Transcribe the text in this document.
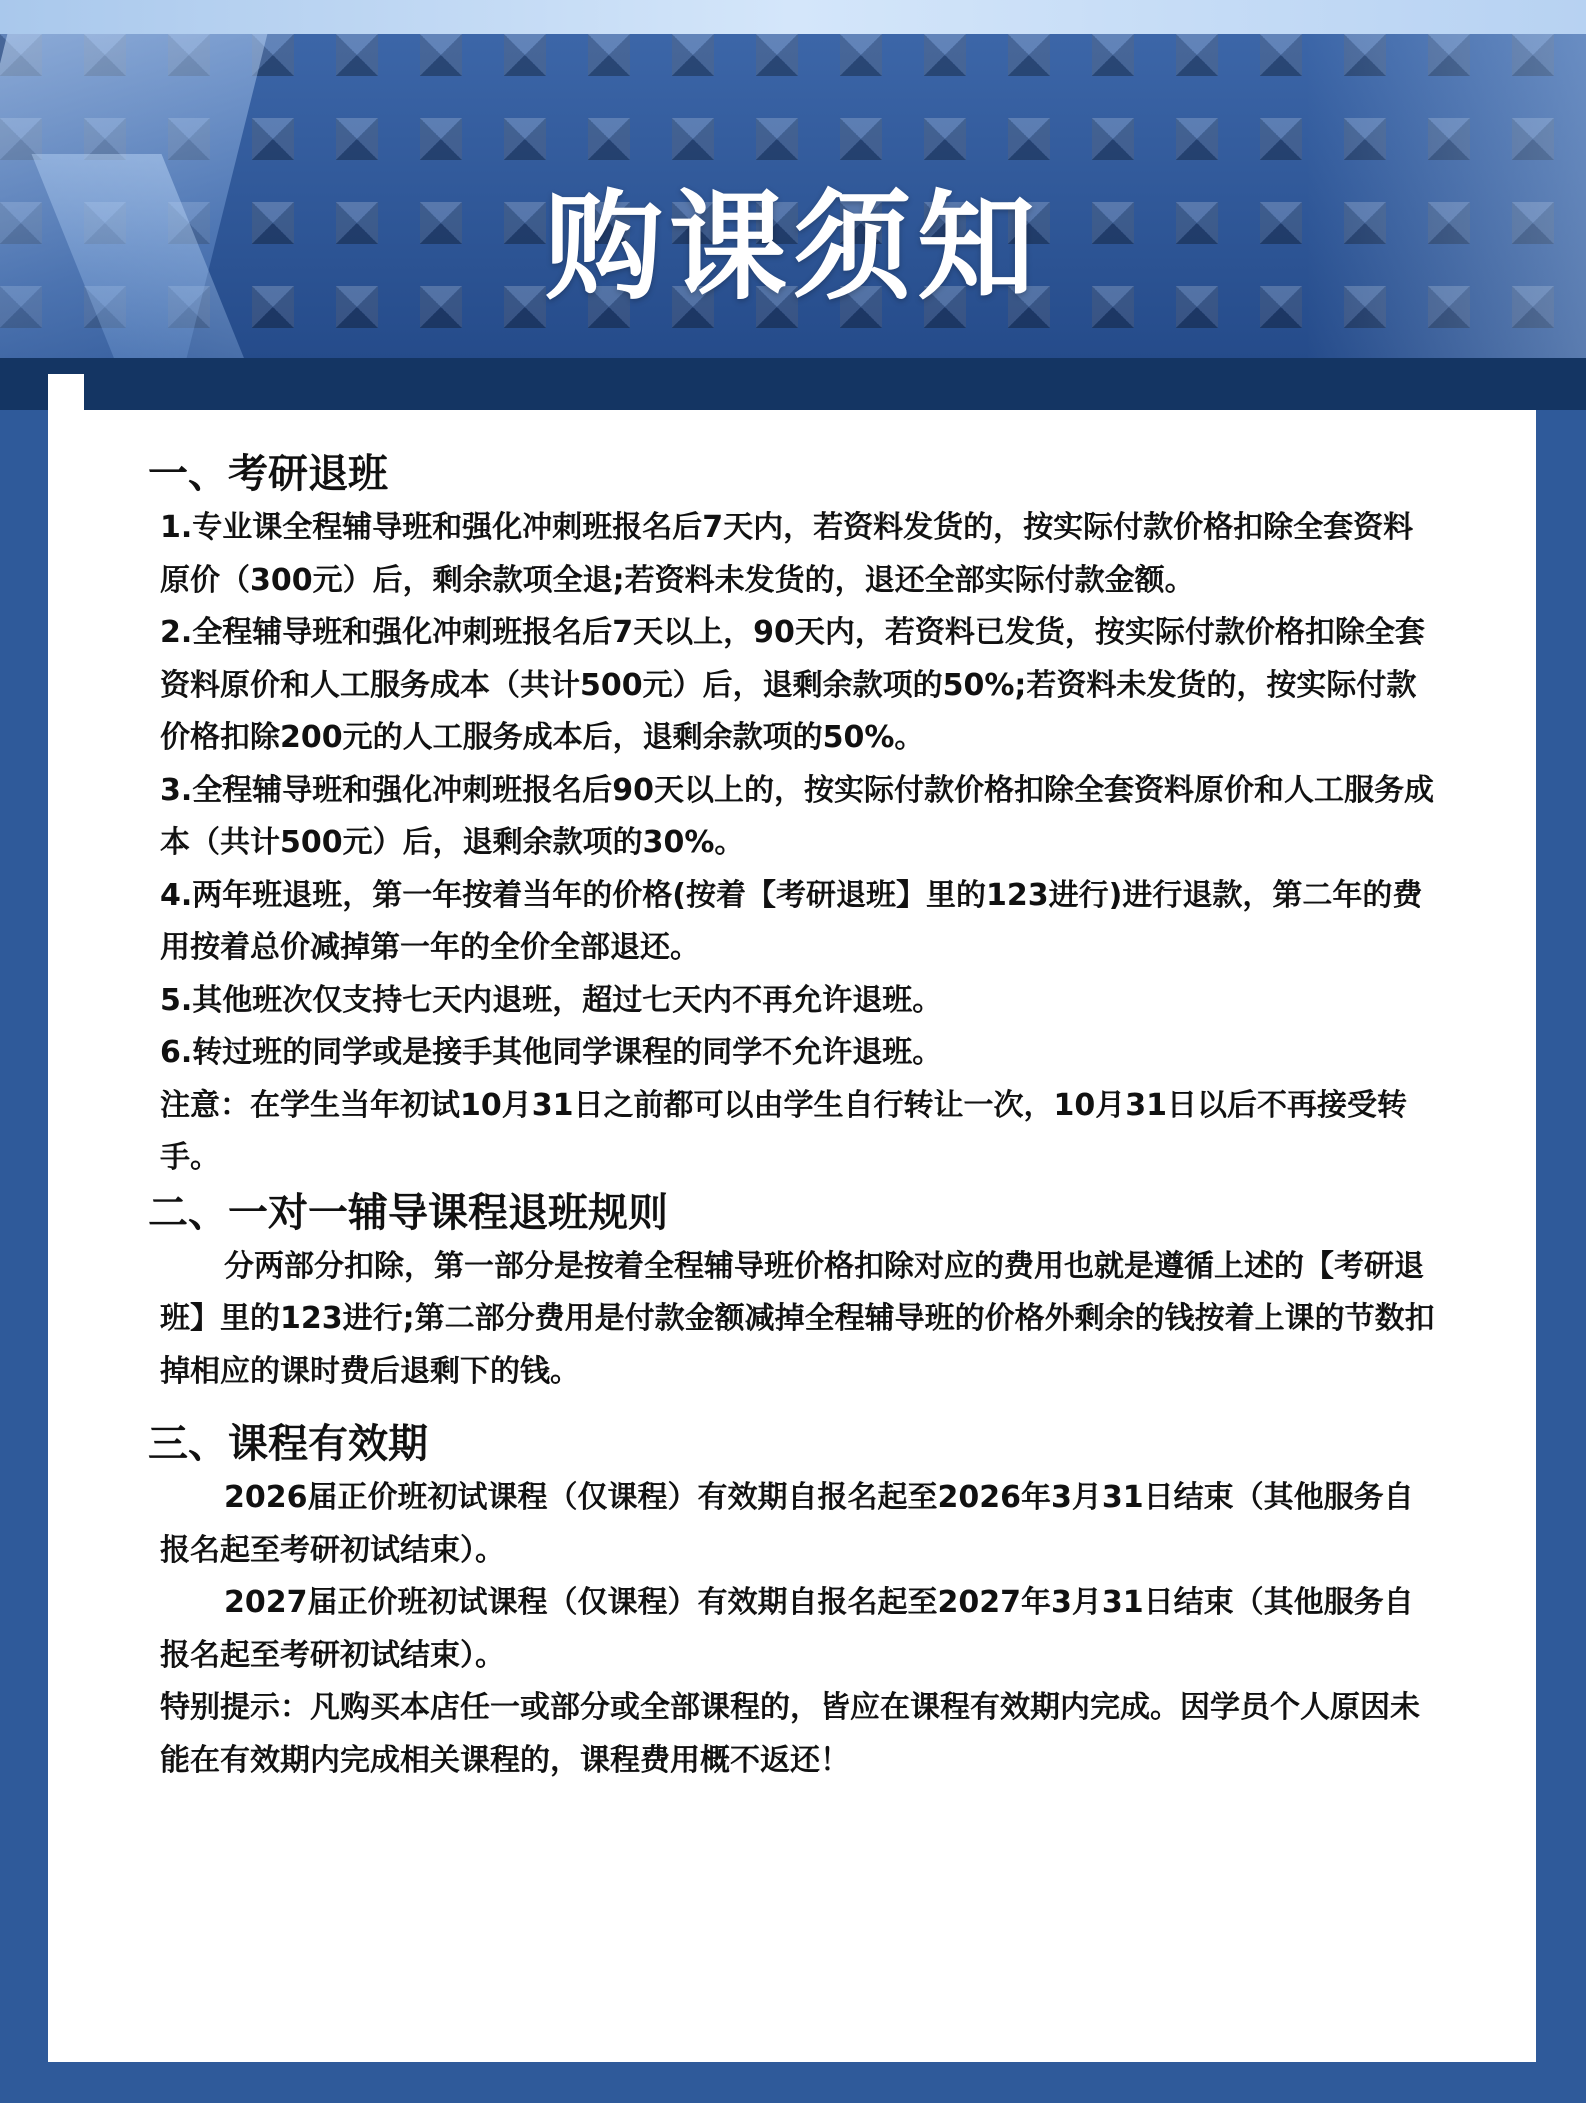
购课须知

一、考研退班

1.专业课全程辅导班和强化冲刺班报名后7天内，若资料发货的，按实际付款价格扣除全套资料原价（300元）后，剩余款项全退;若资料未发货的，退还全部实际付款金额。

2.全程辅导班和强化冲刺班报名后7天以上，90天内，若资料已发货，按实际付款价格扣除全套资料原价和人工服务成本（共计500元）后，退剩余款项的50%;若资料未发货的，按实际付款价格扣除200元的人工服务成本后，退剩余款项的50%。

3.全程辅导班和强化冲刺班报名后90天以上的，按实际付款价格扣除全套资料原价和人工服务成本（共计500元）后，退剩余款项的30%。

4.两年班退班，第一年按着当年的价格(按着【考研退班】里的123进行)进行退款，第二年的费用按着总价减掉第一年的全价全部退还。

5.其他班次仅支持七天内退班，超过七天内不再允许退班。

6.转过班的同学或是接手其他同学课程的同学不允许退班。

注意：在学生当年初试10月31日之前都可以由学生自行转让一次，10月31日以后不再接受转手。

二、一对一辅导课程退班规则

分两部分扣除，第一部分是按着全程辅导班价格扣除对应的费用也就是遵循上述的【考研退班】里的123进行;第二部分费用是付款金额减掉全程辅导班的价格外剩余的钱按着上课的节数扣掉相应的课时费后退剩下的钱。

三、课程有效期

2026届正价班初试课程（仅课程）有效期自报名起至2026年3月31日结束（其他服务自报名起至考研初试结束）。

2027届正价班初试课程（仅课程）有效期自报名起至2027年3月31日结束（其他服务自报名起至考研初试结束）。

特别提示：凡购买本店任一或部分或全部课程的，皆应在课程有效期内完成。因学员个人原因未能在有效期内完成相关课程的，课程费用概不返还！
